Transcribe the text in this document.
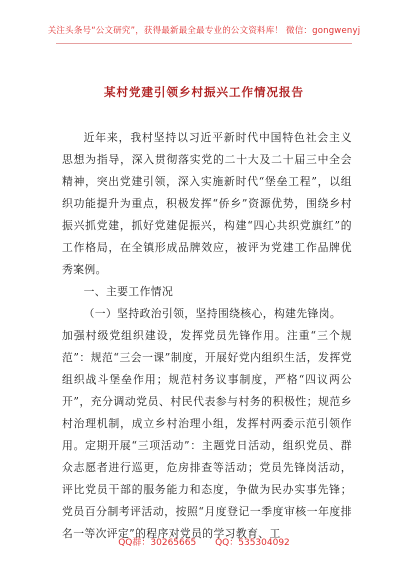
关注头条号“公文研究”，获得最新最全最专业的公文资料库！ 微信：gongwenyj
某村党建引领乡村振兴工作情况报告

近年来，我村坚持以习近平新时代中国特色社会主义思想为指导，深入贯彻落实党的二十大及二十届三中全会精神，突出党建引领，深入实施新时代“堡垒工程”，以组织功能提升为重点，积极发挥“侨乡”资源优势，围绕乡村振兴抓党建，抓好党建促振兴，构建“四心共织党旗红”的工作格局，在全镇形成品牌效应，被评为党建工作品牌优秀案例。

一、主要工作情况

（一）坚持政治引领，坚持围绕核心，构建先锋岗。

加强村级党组织建设，发挥党员先锋作用。注重“三个规范”：规范“三会一课”制度，开展好党内组织生活，发挥党组织战斗堡垒作用；规范村务议事制度，严格“四议两公开”，充分调动党员、村民代表参与村务的积极性；规范乡村治理机制，成立乡村治理小组，发挥村两委示范引领作用。定期开展“三项活动”：主题党日活动，组织党员、群众志愿者进行巡更，危房排查等活动；党员先锋岗活动，评比党员干部的服务能力和态度，争做为民办实事先锋；党员百分制考评活动，按照“月度登记一季度审核一年度排名一等次评定”的程序对党员的学习教育、工

QQ群：30265665 QQ：535304092
